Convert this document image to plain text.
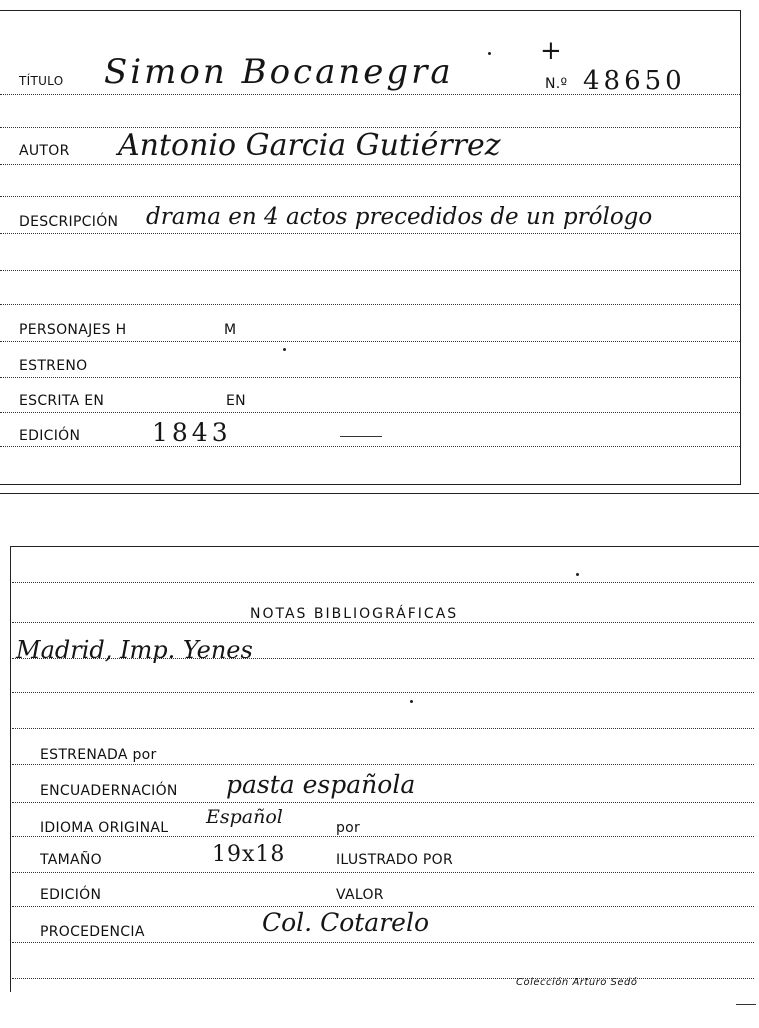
TÍTULO Simon Bocanegra
+
N.º 48650
AUTOR Antonio Garcia Gutiérrez
DESCRIPCIÓN drama en 4 actos precedidos de un prólogo
PERSONAJES H	M
ESTRENO
ESCRITA EN	EN
EDICIÓN	1843
NOTAS BIBLIOGRÁFICAS
Madrid, Imp. Yenes
ESTRENADA por
ENCUADERNACIÓN pasta española
IDIOMA ORIGINAL Español	por
TAMAÑO	19x18	ILUSTRADO POR
EDICIÓN	VALOR
PROCEDENCIA	Col. Cotarelo
Colección Arturo Sedó
